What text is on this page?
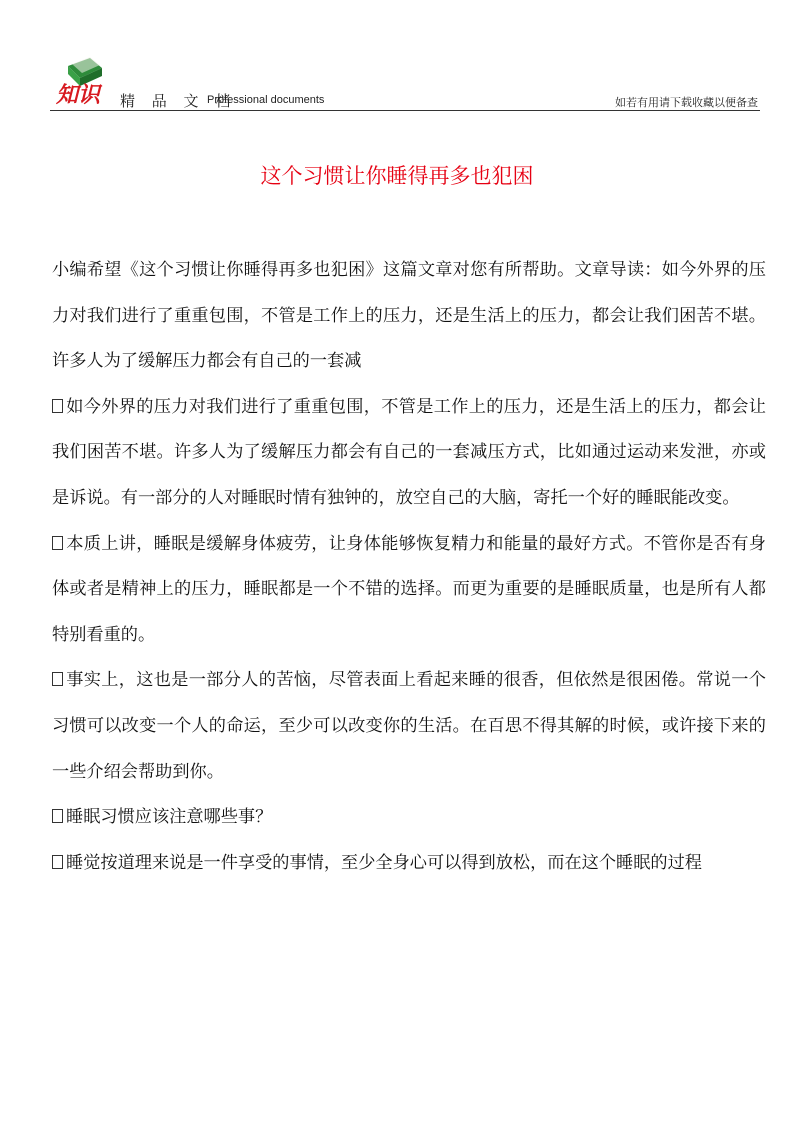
知识 精 品 文 档
Professional documents	如若有用请下载收藏以便备查
这个习惯让你睡得再多也犯困

小编希望《这个习惯让你睡得再多也犯困》这篇文章对您有所帮助。文章导读：如今外界的压力对我们进行了重重包围，不管是工作上的压力，还是生活上的压力，都会让我们困苦不堪。许多人为了缓解压力都会有自己的一套减

如今外界的压力对我们进行了重重包围，不管是工作上的压力，还是生活上的压力，都会让我们困苦不堪。许多人为了缓解压力都会有自己的一套减压方式，比如通过运动来发泄，亦或是诉说。有一部分的人对睡眠时情有独钟的，放空自己的大脑，寄托一个好的睡眠能改变。

本质上讲，睡眠是缓解身体疲劳，让身体能够恢复精力和能量的最好方式。不管你是否有身体或者是精神上的压力，睡眠都是一个不错的选择。而更为重要的是睡眠质量，也是所有人都特别看重的。

事实上，这也是一部分人的苦恼，尽管表面上看起来睡的很香，但依然是很困倦。常说一个习惯可以改变一个人的命运，至少可以改变你的生活。在百思不得其解的时候，或许接下来的一些介绍会帮助到你。

睡眠习惯应该注意哪些事？

睡觉按道理来说是一件享受的事情，至少全身心可以得到放松，而在这个睡眠的过程
